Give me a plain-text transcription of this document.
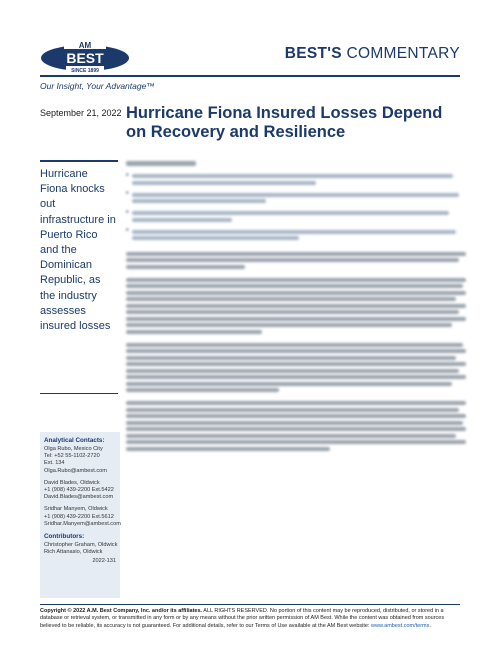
AM
BEST
SINCE 1899
BEST'S COMMENTARY
Our Insight, Your Advantage™
September 21, 2022 Hurricane Fiona Insured Losses Depend on Recovery and Resilience
Hurricane Fiona knocks out infrastructure in Puerto Rico and the Dominican Republic, as the industry assesses insured losses
Analytical Contacts:
Olga Rubo, Mexico City
Tel: +52 55-1102-2720
Ext. 134
Olga.Rubo@ambest.com
David Blades, Oldwick
+1 (908) 439-2200 Ext.5422
David.Blades@ambest.com
Sridhar Manyem, Oldwick
+1 (908) 439-2200 Ext.5612
Sridhar.Manyem@ambest.com
Contributors:
Christopher Graham, Oldwick
Rich Attanasio, Oldwick
2022-131
•
•
•
•
Copyright © 2022 A.M. Best Company, Inc. and/or its affiliates. ALL RIGHTS RESERVED. No portion of this content may be reproduced, distributed, or stored in a database or retrieval system, or transmitted in any form or by any means without the prior written permission of AM Best. While the content was obtained from sources believed to be reliable, its accuracy is not guaranteed. For additional details, refer to our Terms of Use available at the AM Best website: www.ambest.com/terms.
